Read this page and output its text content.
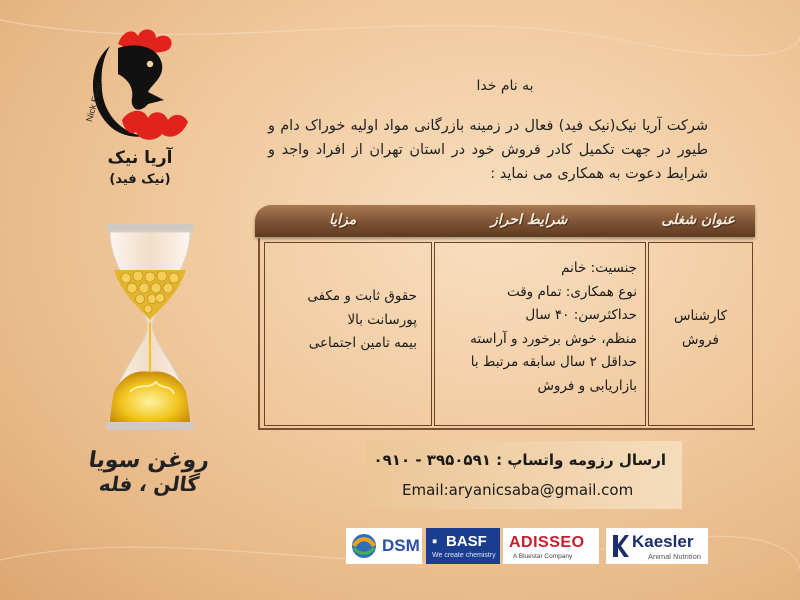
Nick Feed
آریا نیک
(نیک فید)
روغن سویا
گالن ، فله
به نام خدا
شرکت آریا نیک(نیک فید) فعال در زمینه بازرگانی مواد اولیه خوراک دام و طیور در جهت تکمیل کادر فروش خود در استان تهران از افراد واجد و شرایط دعوت به همکاری می نماید :
عنوان شغلی
شرایط احراز
مزایا
حقوق ثابت و مکفی
پورسانت بالا
بیمه تامین اجتماعی
جنسیت: خانم
نوع همکاری: تمام وقت
حداکثرسن: ۴۰ سال
منظم، خوش برخورد و آراسته
حداقل ۲ سال سابقه مرتبط با
بازاریابی و فروش
کارشناس
فروش
ارسال رزومه واتساپ : ۳۹۵۰۵۹۱ - ۰۹۱۰
Email:aryanicsaba@gmail.com
DSM ▪ BASF
We create chemistry
ADISSEO
A Bluestar Company
Kaesler
Animal Nutrition
